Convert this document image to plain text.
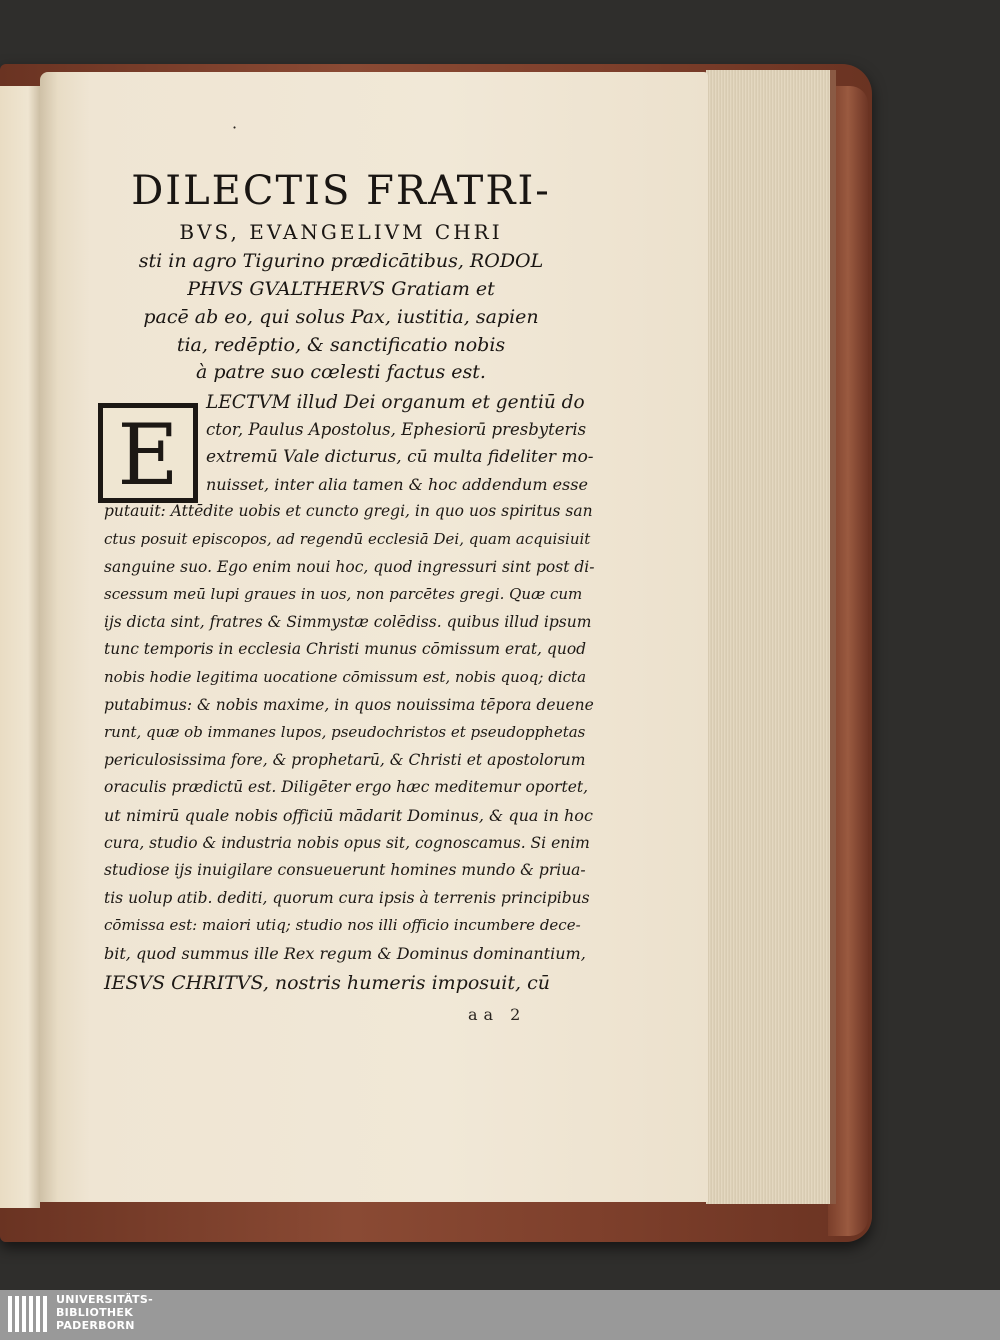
DILECTIS FRATRI-

BVS, EVANGELIVM CHRI

sti in agro Tigurino prædicātibus, RODOL

PHVS GVALTHERVS Gratiam et

pacē ab eo, qui solus Pax, iustitia, sapien

tia, redēptio, & sanctificatio nobis

à patre suo cœlesti factus est.

E

LECTVM illud Dei organum et gentiū do

ctor, Paulus Apostolus, Ephesiorū presbyteris

extremū Vale dicturus, cū multa fideliter mo-

nuisset, inter alia tamen & hoc addendum esse

putauit: Attēdite uobis et cuncto gregi, in quo uos spiritus san

ctus posuit episcopos, ad regendū ecclesiā Dei, quam acquisiuit

sanguine suo. Ego enim noui hoc, quod ingressuri sint post di-

scessum meū lupi graues in uos, non parcētes gregi. Quæ cum

ijs dicta sint, fratres & Simmystæ colēdiss. quibus illud ipsum

tunc temporis in ecclesia Christi munus cōmissum erat, quod

nobis hodie legitima uocatione cōmissum est, nobis quoq; dicta

putabimus: & nobis maxime, in quos nouissima tēpora deuene

runt, quæ ob immanes lupos, pseudochristos et pseudopphetas

periculosissima fore, & prophetarū, & Christi et apostolorum

oraculis prædictū est. Diligēter ergo hæc meditemur oportet,

ut nimirū quale nobis officiū mādarit Dominus, & qua in hoc

cura, studio & industria nobis opus sit, cognoscamus. Si enim

studiose ijs inuigilare consueuerunt homines mundo & priua-

tis uolup atib. dediti, quorum cura ipsis à terrenis principibus

cōmissa est: maiori utiq; studio nos illi officio incumbere dece-

bit, quod summus ille Rex regum & Dominus dominantium,

IESVS CHRITVS, nostris humeris imposuit, cū

·

aa 2

UNIVERSITÄTS-

BIBLIOTHEK

PADERBORN
